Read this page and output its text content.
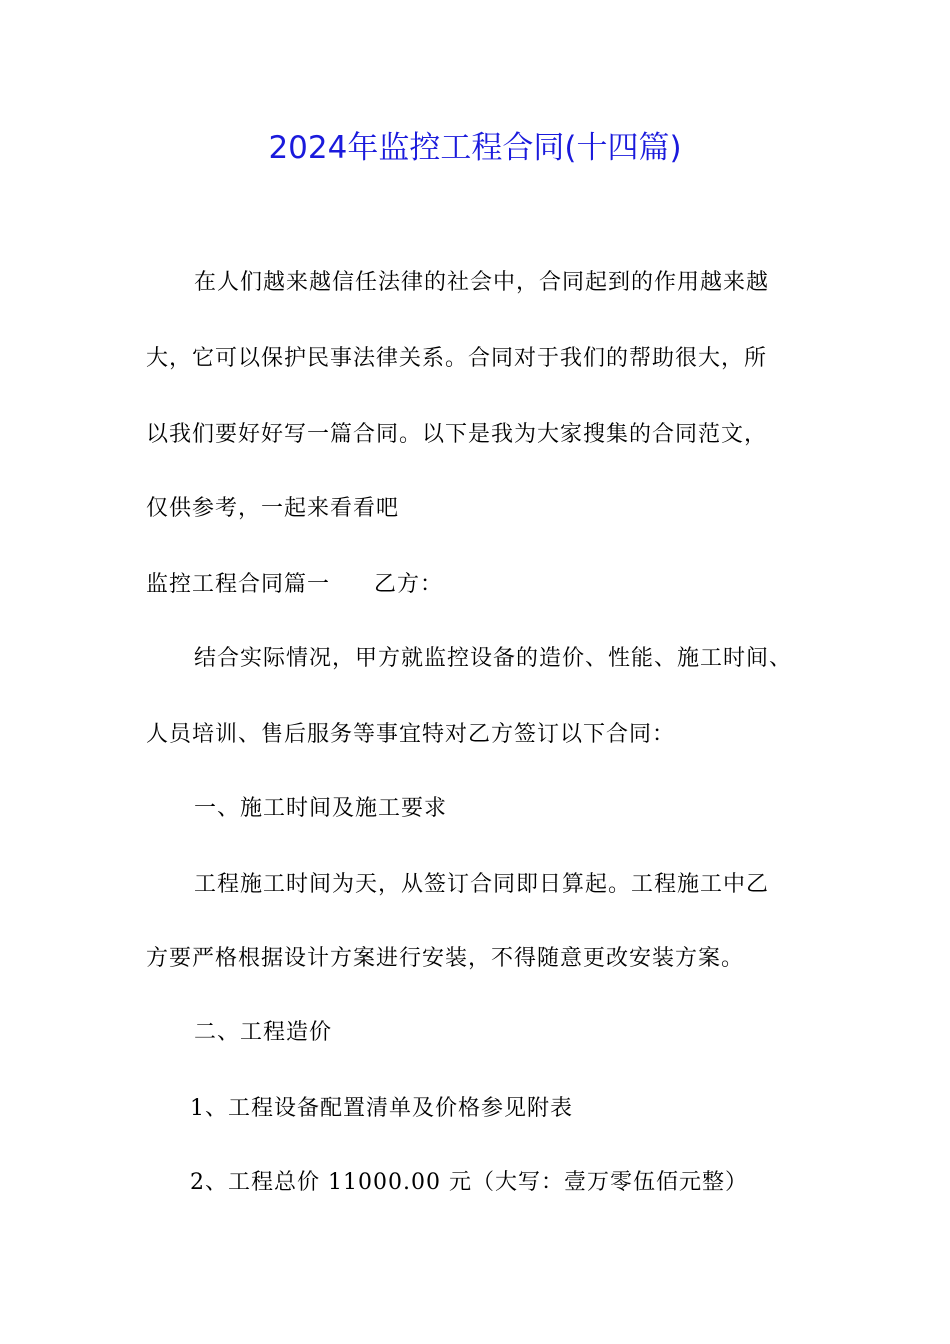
2024年监控工程合同(十四篇)
在人们越来越信任法律的社会中，合同起到的作用越来越
大，它可以保护民事法律关系。合同对于我们的帮助很大，所
以我们要好好写一篇合同。以下是我为大家搜集的合同范文，
仅供参考，一起来看看吧
监控工程合同篇一 乙方：
结合实际情况，甲方就监控设备的造价、性能、施工时间、
人员培训、售后服务等事宜特对乙方签订以下合同：
一、施工时间及施工要求
工程施工时间为天，从签订合同即日算起。工程施工中乙
方要严格根据设计方案进行安装，不得随意更改安装方案。
二、工程造价
1、工程设备配置清单及价格参见附表
2、工程总价 11000.00 元（大写：壹万零伍佰元整）
